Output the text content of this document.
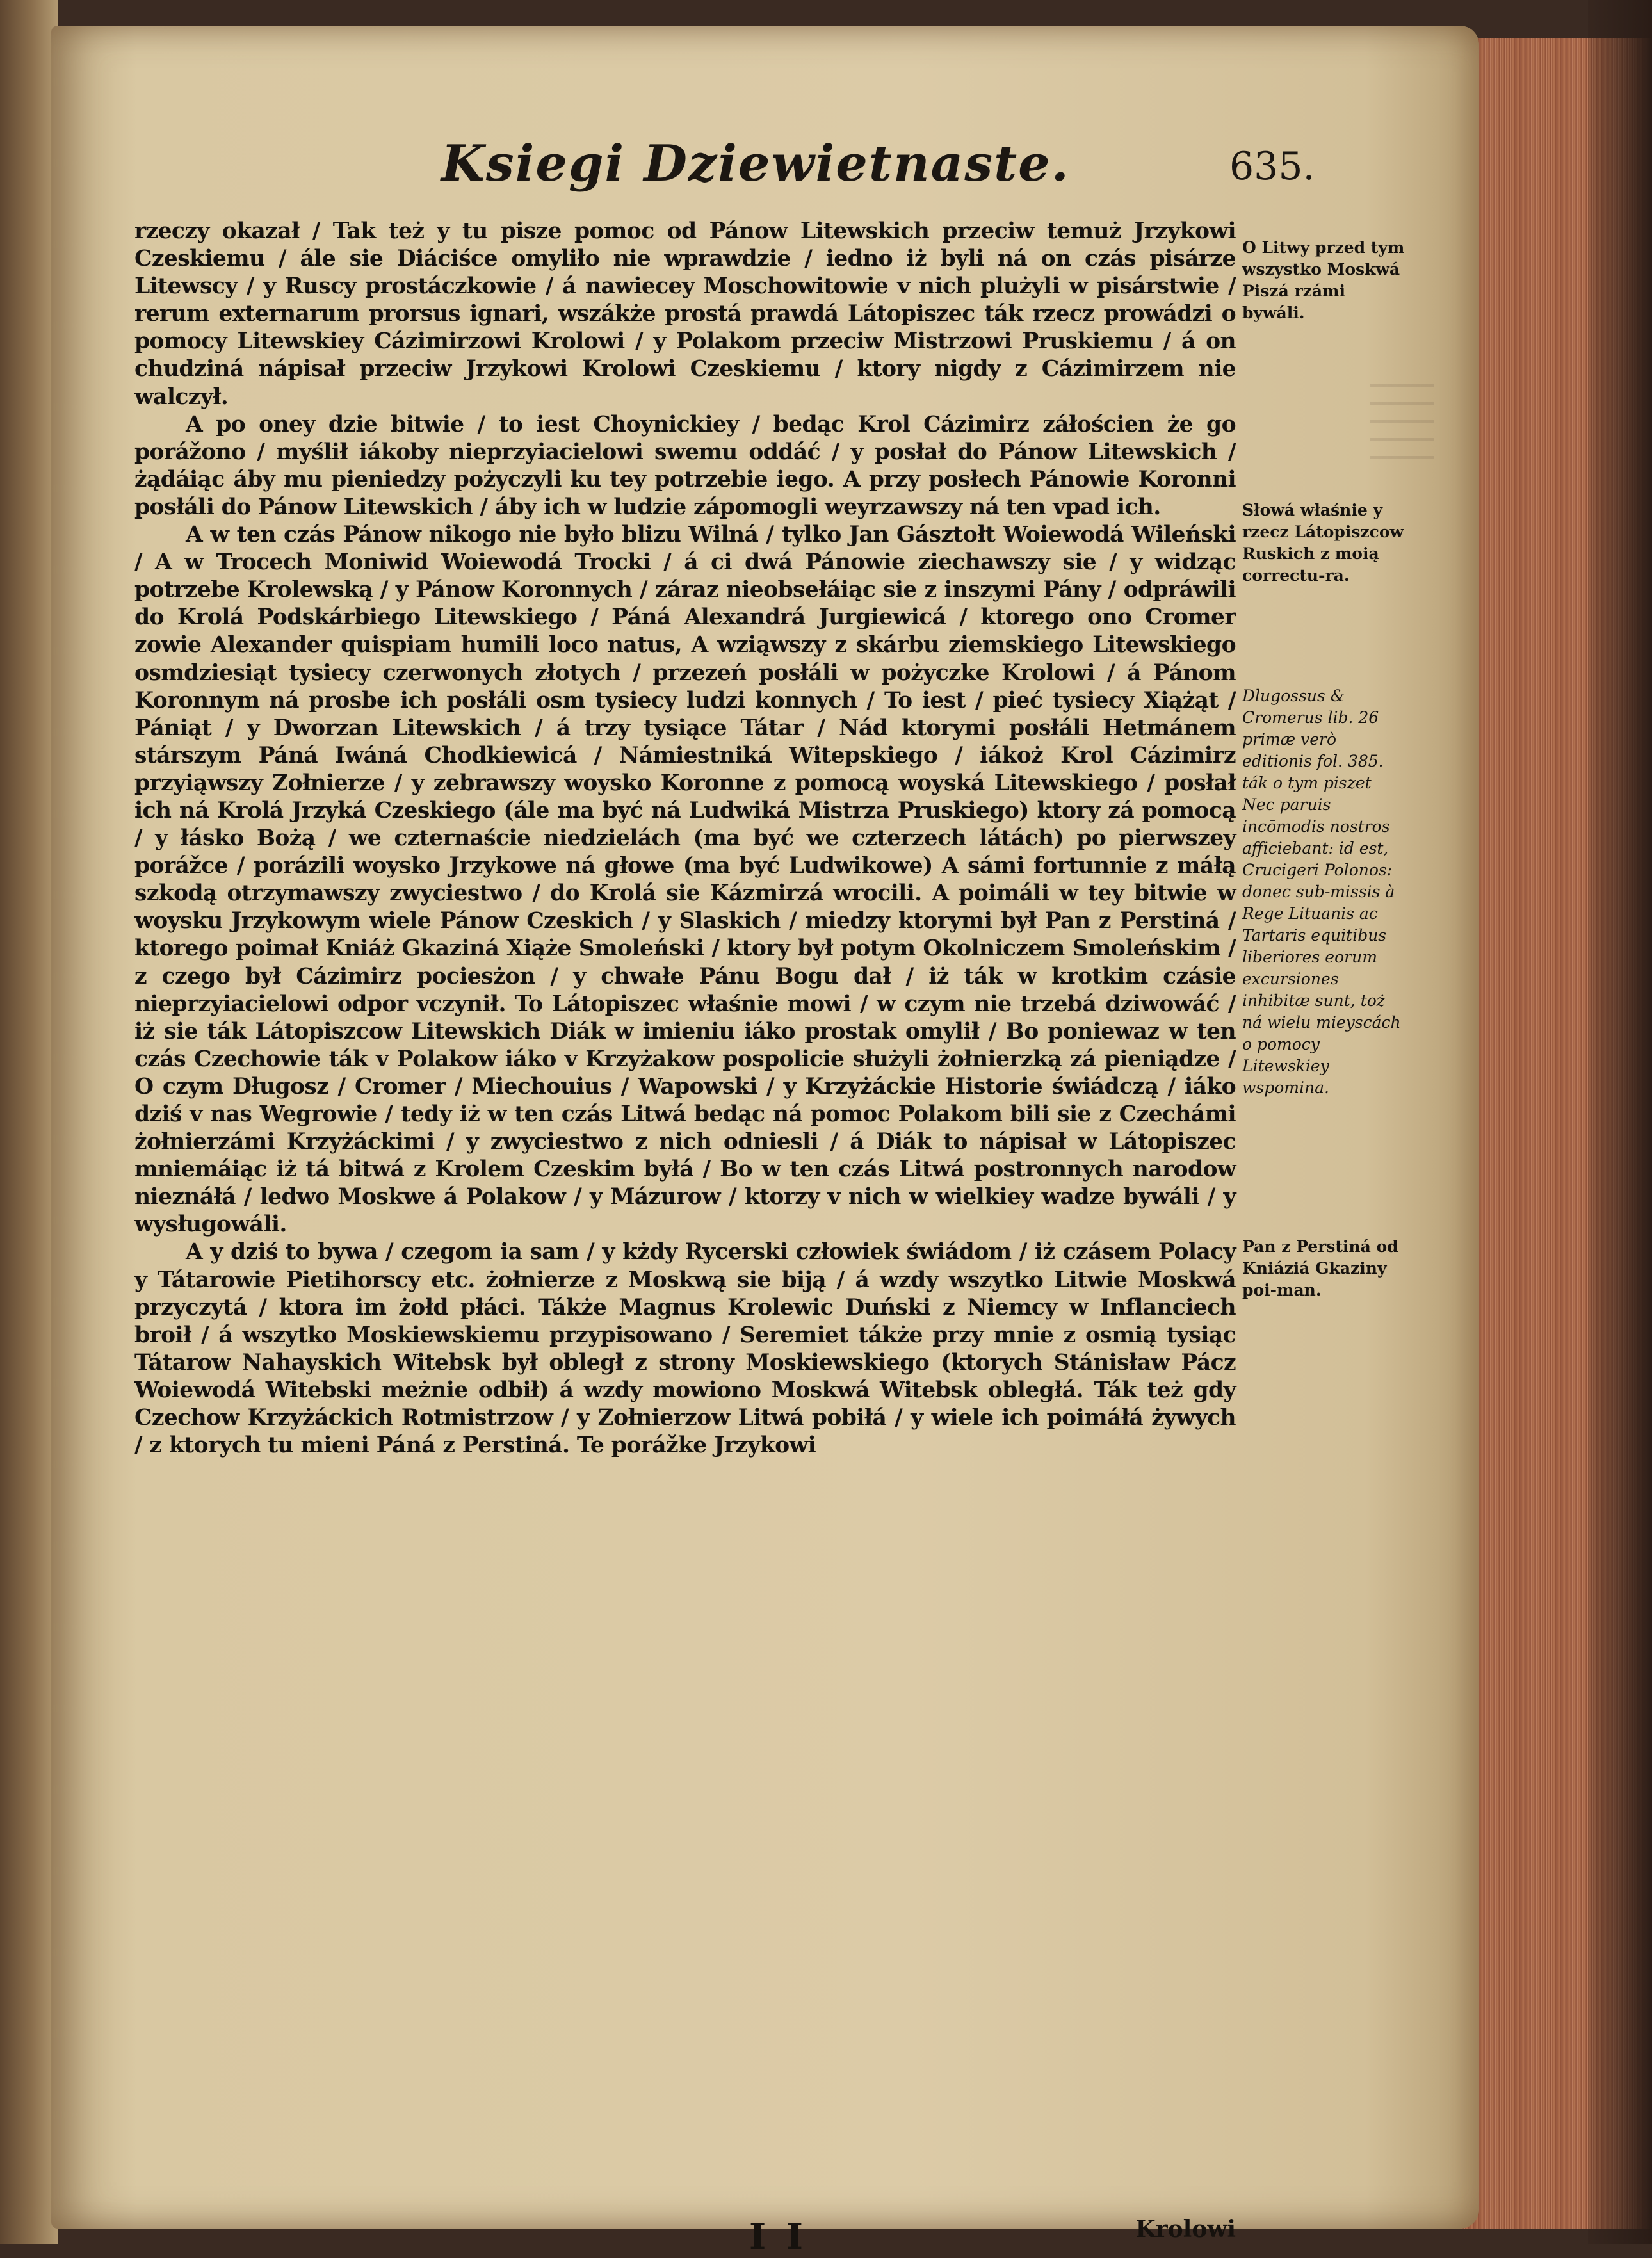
Ksiegi Dziewietnaste.	635.

rzeczy okazał / Tak też y tu pisze pomoc od Pánow Litewskich przeciw temuż Jrzykowi Czeskiemu / ále sie Diáciśce omyliło nie wprawdzie / iedno iż byli ná on czás pisárze Litewscy / y Ruscy prostáczkowie / á nawiecey Moschowitowie v nich plużyli w pisárstwie / rerum externarum prorsus ignari, wszákże prostá prawdá Látopiszec ták rzecz prowádzi o pomocy Litewskiey Cázimirzowi Krolowi / y Polakom przeciw Mistrzowi Pruskiemu / á on chudziná nápisał przeciw Jrzykowi Krolowi Czeskiemu / ktory nigdy z Cázimirzem nie walczył.

A po oney dzie bitwie / to iest Choynickiey / bedąc Krol Cázimirz záłościen że go porážono / myślił iákoby nieprzyiacielowi swemu oddáć / y posłał do Pánow Litewskich / żądáiąc áby mu pieniedzy pożyczyli ku tey potrzebie iego. A przy posłech Pánowie Koronni posłáli do Pánow Litewskich / áby ich w ludzie zápomogli weyrzawszy ná ten vpad ich.

A w ten czás Pánow nikogo nie było blizu Wilná / tylko Jan Gásztołt Woiewodá Wileński / A w Trocech Moniwid Woiewodá Trocki / á ci dwá Pánowie ziechawszy sie / y widząc potrzebe Krolewską / y Pánow Koronnych / záraz nieobsełáiąc sie z inszymi Pány / odpráwili do Krolá Podskárbiego Litewskiego / Páná Alexandrá Jurgiewicá / ktorego ono Cromer zowie Alexander quispiam humili loco natus, A wziąwszy z skárbu ziemskiego Litewskiego osmdziesiąt tysiecy czerwonych złotych / przezeń posłáli w pożyczke Krolowi / á Pánom Koronnym ná prosbe ich posłáli osm tysiecy ludzi konnych / To iest / pieć tysiecy Xiążąt / Pániąt / y Dworzan Litewskich / á trzy tysiące Tátar / Nád ktorymi posłáli Hetmánem stárszym Páná Iwáná Chodkiewicá / Námiestniká Witepskiego / iákoż Krol Cázimirz przyiąwszy Zołnierze / y zebrawszy woysko Koronne z pomocą woyská Litewskiego / posłał ich ná Krolá Jrzyká Czeskiego (ále ma być ná Ludwiká Mistrza Pruskiego) ktory zá pomocą / y łásko Bożą / we czternaście niedzielách (ma być we czterzech látách) po pierwszey porážce / porázili woysko Jrzykowe ná głowe (ma być Ludwikowe) A sámi fortunnie z máłą szkodą otrzymawszy zwyciestwo / do Krolá sie Kázmirzá wrocili. A poimáli w tey bitwie w woysku Jrzykowym wiele Pánow Czeskich / y Slaskich / miedzy ktorymi był Pan z Perstiná / ktorego poimał Kniáż Gkaziná Xiąże Smoleński / ktory był potym Okolniczem Smoleńskim / z czego był Cázimirz pociesżon / y chwałe Pánu Bogu dał / iż ták w krotkim czásie nieprzyiacielowi odpor vczynił. To Látopiszec właśnie mowi / w czym nie trzebá dziwowáć / iż sie ták Látopiszcow Litewskich Diák w imieniu iáko prostak omylił / Bo poniewaz w ten czás Czechowie ták v Polakow iáko v Krzyżakow pospolicie służyli żołnierzką zá pieniądze / O czym Długosz / Cromer / Miechouius / Wapowski / y Krzyżáckie Historie świádczą / iáko dziś v nas Wegrowie / tedy iż w ten czás Litwá bedąc ná pomoc Polakom bili sie z Czechámi żołnierzámi Krzyżáckimi / y zwyciestwo z nich odniesli / á Diák to nápisał w Látopiszec mniemáiąc iż tá bitwá z Krolem Czeskim byłá / Bo w ten czás Litwá postronnych narodow nieznáłá / ledwo Moskwe á Polakow / y Mázurow / ktorzy v nich w wielkiey wadze bywáli / y wysługowáli.

A y dziś to bywa / czegom ia sam / y kżdy Rycerski człowiek świádom / iż czásem Polacy y Tátarowie Pietihorscy etc. żołnierze z Moskwą sie biją / á wzdy wszytko Litwie Moskwá przyczytá / ktora im żołd płáci. Tákże Magnus Krolewic Duński z Niemcy w Inflanciech broił / á wszytko Moskiewskiemu przypisowano / Seremiet tákże przy mnie z osmią tysiąc Tátarow Nahayskich Witebsk był obległ z strony Moskiewskiego (ktorych Stánisław Pácz Woiewodá Witebski meżnie odbił) á wzdy mowiono Moskwá Witebsk obległá. Ták też gdy Czechow Krzyżáckich Rotmistrzow / y Zołnierzow Litwá pobiłá / y wiele ich poimáłá żywych / z ktorych tu mieni Páná z Perstiná. Te porážke Jrzykowi

O Litwy przed tym wszystko Moskwá Piszá rzámi bywáli.
Słowá właśnie y rzecz Látopiszcow Ruskich z moią correctu-ra.
Dlugossus & Cromerus lib. 26 primæ verò editionis fol. 385. ták o tym piszet Nec paruis incōmodis nostros afficiebant: id est, Crucigeri Polonos: donec sub-missis à Rege Lituanis ac Tartaris equitibus liberiores eorum excursiones inhibitæ sunt, toż ná wielu mieyscách o pomocy Litewskiey wspomina.
Pan z Perstiná od Kniáziá Gkaziny poi-man.
I I	Krolowi
